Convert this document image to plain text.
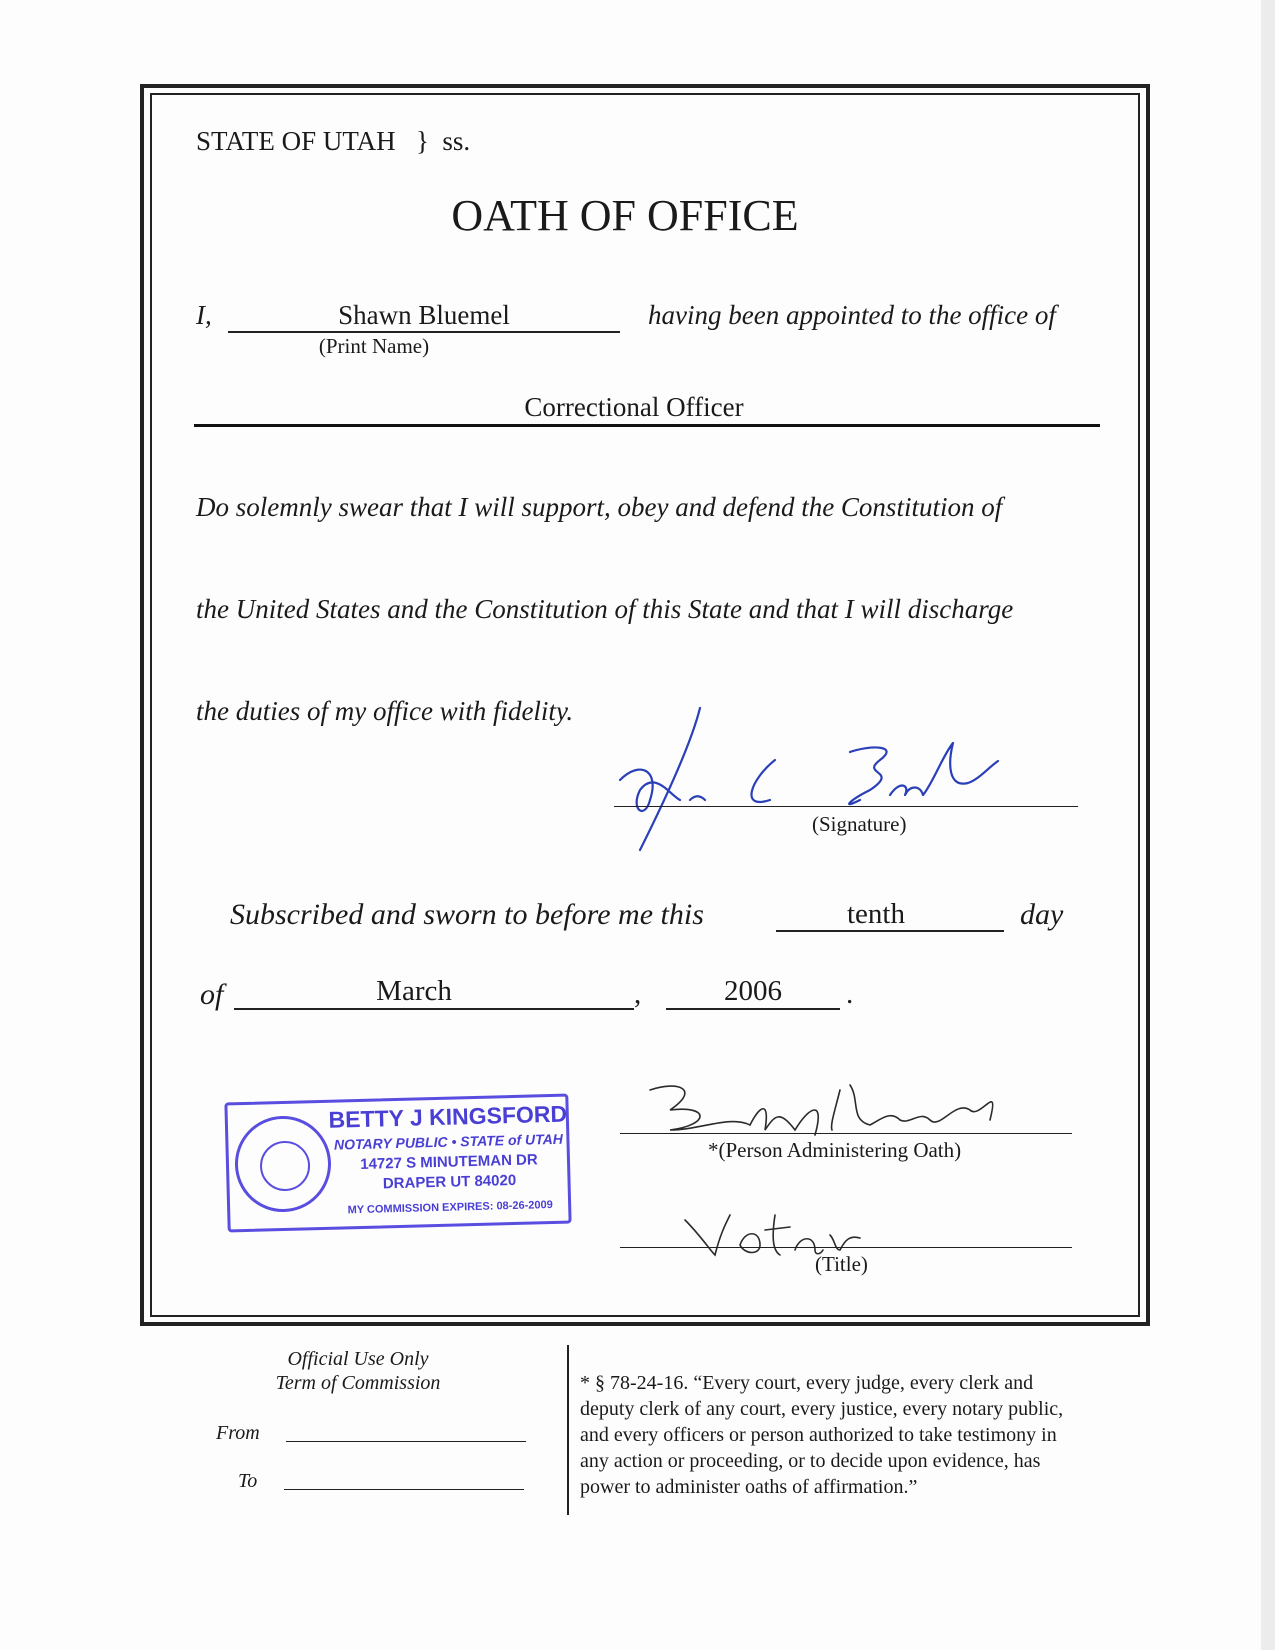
STATE OF UTAH } ss.
OATH OF OFFICE
I,	Shawn Bluemel
(Print Name)
having been appointed to the office of
Correctional Officer
Do solemnly swear that I will support, obey and defend the Constitution of
the United States and the Constitution of this State and that I will discharge
the duties of my office with fidelity.
(Signature)
Subscribed and sworn to before me this	tenth	day
of	March	,	2006	.
BETTY J KINGSFORD
NOTARY PUBLIC • STATE of UTAH
14727 S MINUTEMAN DR
DRAPER UT 84020
MY COMMISSION EXPIRES: 08-26-2009
*(Person Administering Oath)
(Title)
Official Use Only
Term of Commission
From
To
* § 78-24-16. “Every court, every judge, every clerk and
deputy clerk of any court, every justice, every notary public,
and every officers or person authorized to take testimony in
any action or proceeding, or to decide upon evidence, has
power to administer oaths of affirmation.”
